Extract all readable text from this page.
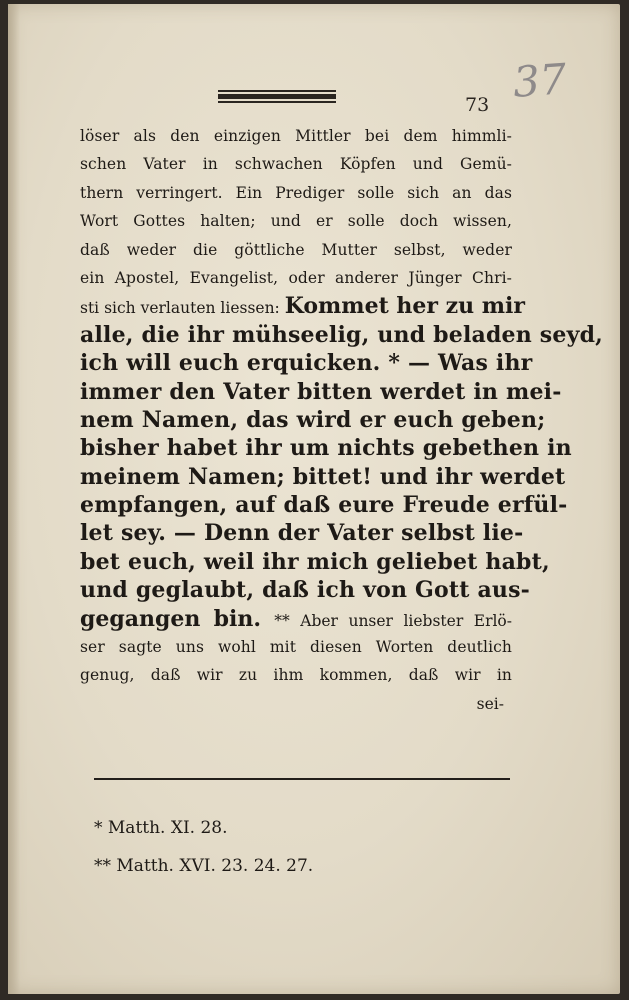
73 37
löser als den einzigen Mittler bei dem himmli-
schen Vater in schwachen Köpfen und Gemü-
thern verringert. Ein Prediger solle sich an das
Wort Gottes halten; und er solle doch wissen,
daß weder die göttliche Mutter selbst, weder
ein Apostel, Evangelist, oder anderer Jünger Chri-
sti sich verlauten liessen: Kommet her zu mir
alle, die ihr mühseelig, und beladen seyd,
ich will euch erquicken. * — Was ihr
immer den Vater bitten werdet in mei-
nem Namen, das wird er euch geben;
bisher habet ihr um nichts gebethen in
meinem Namen; bittet! und ihr werdet
empfangen, auf daß eure Freude erfül-
let sey. — Denn der Vater selbst lie-
bet euch, weil ihr mich geliebet habt,
und geglaubt, daß ich von Gott aus-
gegangen bin. ** Aber unser liebster Erlö-
ser sagte uns wohl mit diesen Worten deutlich
genug, daß wir zu ihm kommen, daß wir in
sei-
* Matth. XI. 28.
** Matth. XVI. 23. 24. 27.
